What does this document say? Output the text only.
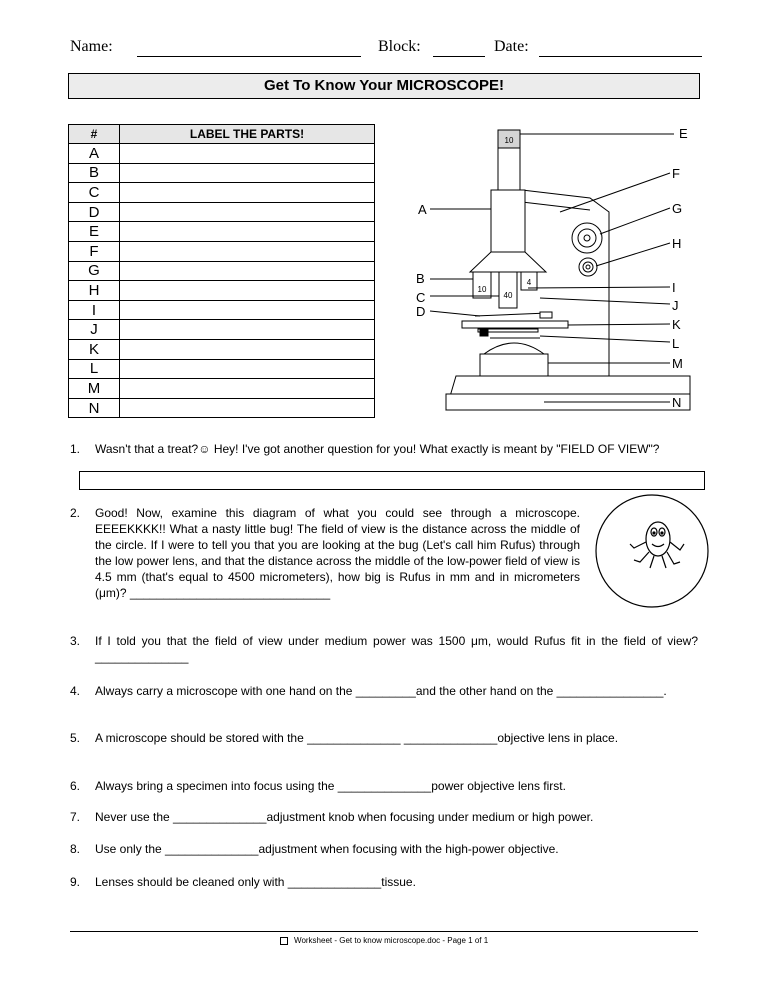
Name:	Block:	Date:
Get To Know Your MICROSCOPE!
#	LABEL THE PARTS!
A	
B	
C	
D	
E	
F	
G	
H	
I	
J	
K	
L	
M	
N	
10
10
40
4
E
F
G
H
I
J
K
L
M
N
A
B
C
D
1. Wasn't that a treat?☺ Hey! I've got another question for you! What exactly is meant by "FIELD OF VIEW"?
2. Good! Now, examine this diagram of what you could see through a microscope. EEEEKKKK!! What a nasty little bug! The field of view is the distance across the middle of the circle. If I were to tell you that you are looking at the bug (Let's call him Rufus) through the low power lens, and that the distance across the middle of the low-power field of view is 4.5 mm (that's equal to 4500 micrometers), how big is Rufus in mm and in micrometers (μm)? ______________________________
3. If I told you that the field of view under medium power was 1500 μm, would Rufus fit in the field of view? ______________
4. Always carry a microscope with one hand on the _________and the other hand on the ________________.
5. A microscope should be stored with the ______________ ______________objective lens in place.
6. Always bring a specimen into focus using the ______________power objective lens first.
7. Never use the ______________adjustment knob when focusing under medium or high power.
8. Use only the ______________adjustment when focusing with the high-power objective.
9. Lenses should be cleaned only with ______________tissue.
Worksheet - Get to know microscope.doc - Page 1 of 1
